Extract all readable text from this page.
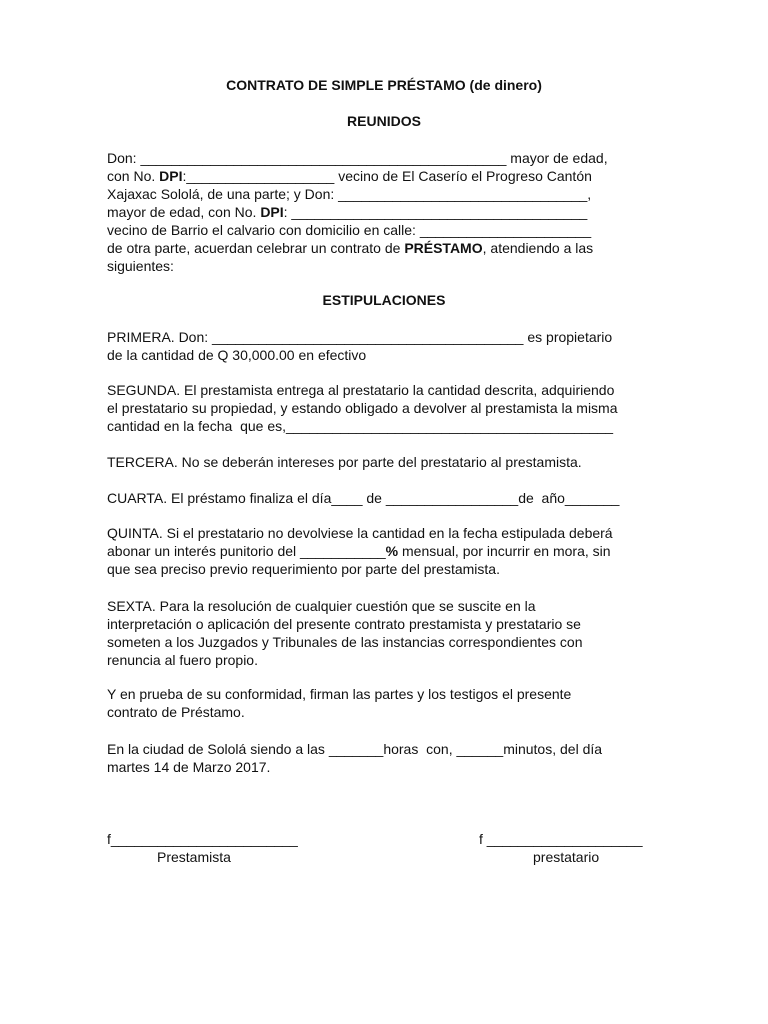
CONTRATO DE SIMPLE PRÉSTAMO (de dinero)
REUNIDOS
Don: _______________________________________________ mayor de edad,
con No. DPI:___________________ vecino de El Caserío el Progreso Cantón
Xajaxac Sololá, de una parte; y Don: ________________________________,
mayor de edad, con No. DPI: ______________________________________
vecino de Barrio el calvario con domicilio en calle: ______________________
de otra parte, acuerdan celebrar un contrato de PRÉSTAMO, atendiendo a las
siguientes:
ESTIPULACIONES
PRIMERA. Don: ________________________________________ es propietario
de la cantidad de Q 30,000.00 en efectivo
SEGUNDA. El prestamista entrega al prestatario la cantidad descrita, adquiriendo
el prestatario su propiedad, y estando obligado a devolver al prestamista la misma
cantidad en la fecha  que es,__________________________________________
TERCERA. No se deberán intereses por parte del prestatario al prestamista.
CUARTA. El préstamo finaliza el día____ de _________________de  año_______
QUINTA. Si el prestatario no devolviese la cantidad en la fecha estipulada deberá
abonar un interés punitorio del ___________% mensual, por incurrir en mora, sin
que sea preciso previo requerimiento por parte del prestamista.
SEXTA. Para la resolución de cualquier cuestión que se suscite en la
interpretación o aplicación del presente contrato prestamista y prestatario se
someten a los Juzgados y Tribunales de las instancias correspondientes con
renuncia al fuero propio.
Y en prueba de su conformidad, firman las partes y los testigos el presente
contrato de Préstamo.
En la ciudad de Sololá siendo a las _______horas  con, ______minutos, del día
martes 14 de Marzo 2017.
f________________________
Prestamista
f ____________________
prestatario
